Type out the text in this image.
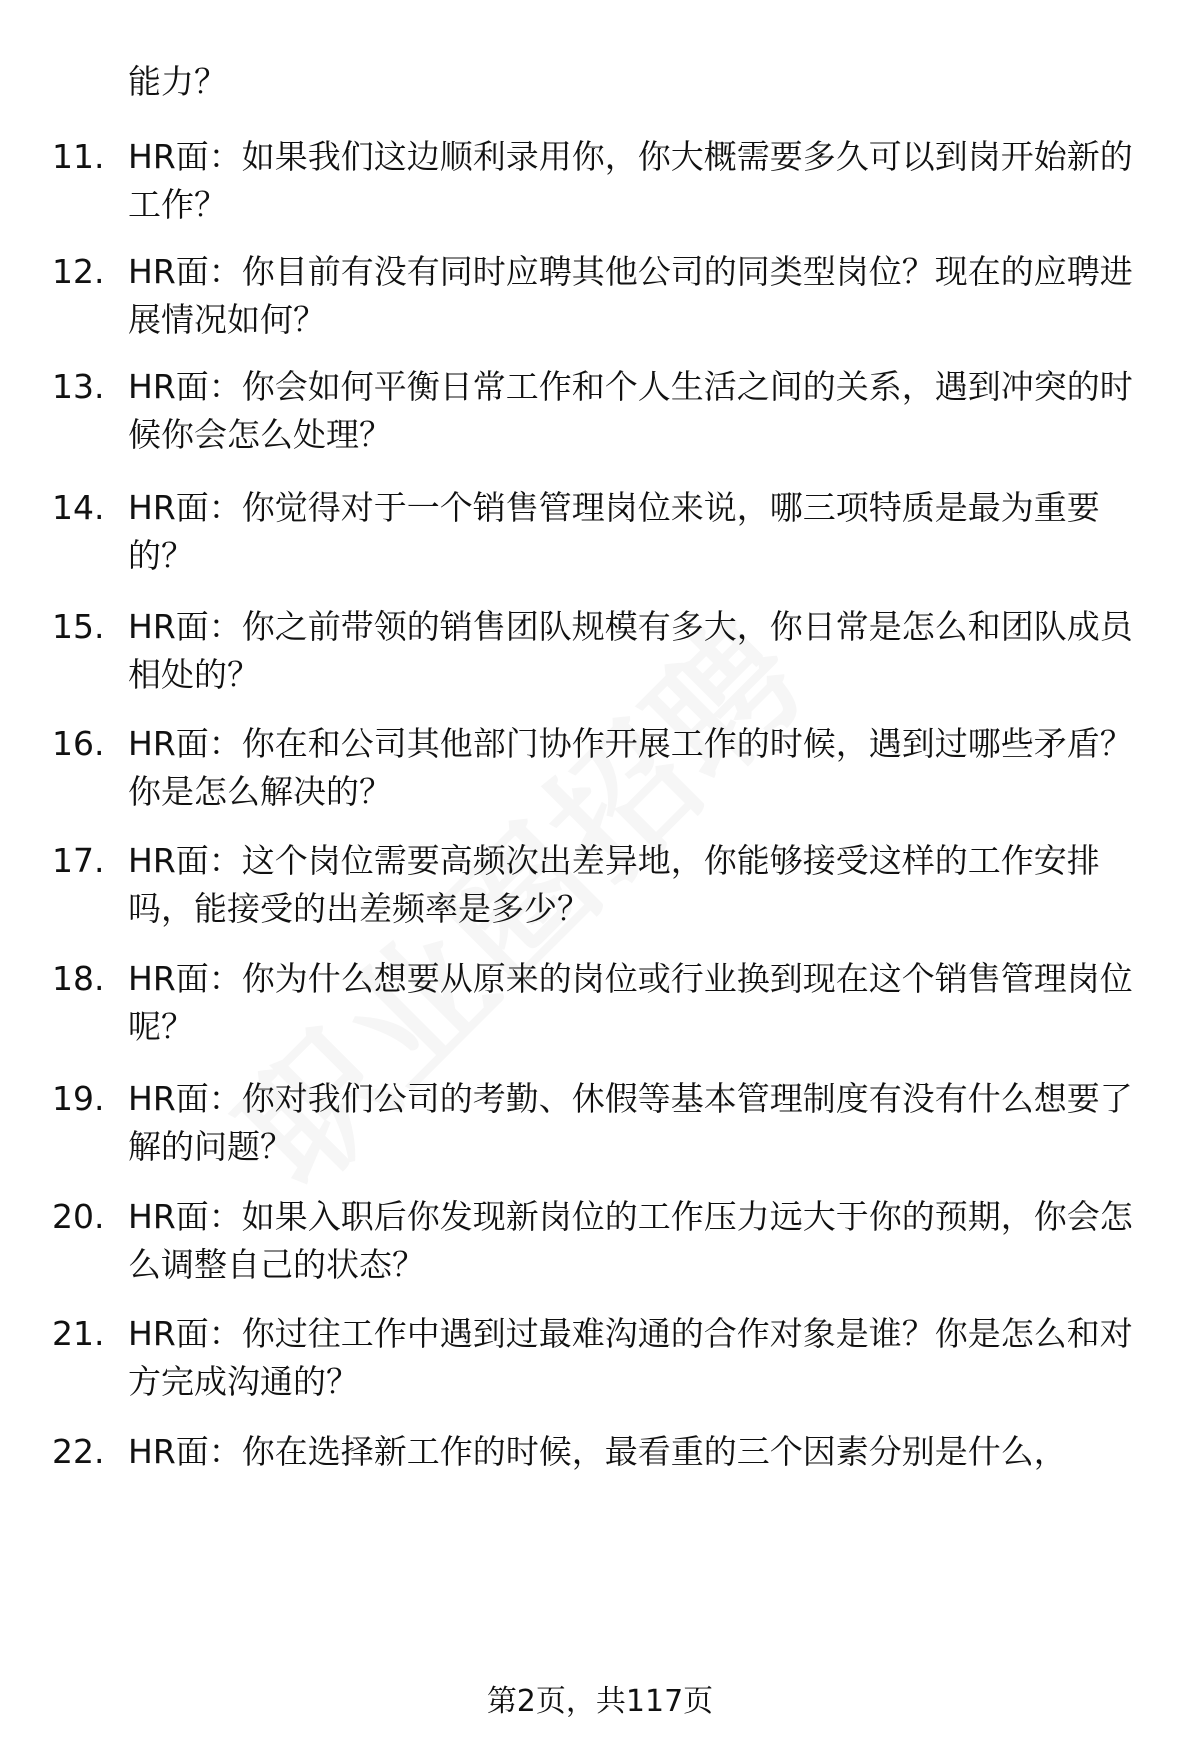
能力？
11. HR面：如果我们这边顺利录用你，你大概需要多久可以到岗开始新的工作？
12. HR面：你目前有没有同时应聘其他公司的同类型岗位？现在的应聘进展情况如何？
13. HR面：你会如何平衡日常工作和个人生活之间的关系，遇到冲突的时候你会怎么处理？
14. HR面：你觉得对于一个销售管理岗位来说，哪三项特质是最为重要的？
15. HR面：你之前带领的销售团队规模有多大，你日常是怎么和团队成员相处的？
16. HR面：你在和公司其他部门协作开展工作的时候，遇到过哪些矛盾？你是怎么解决的？
17. HR面：这个岗位需要高频次出差异地，你能够接受这样的工作安排吗，能接受的出差频率是多少？
18. HR面：你为什么想要从原来的岗位或行业换到现在这个销售管理岗位呢？
19. HR面：你对我们公司的考勤、休假等基本管理制度有没有什么想要了解的问题？
20. HR面：如果入职后你发现新岗位的工作压力远大于你的预期，你会怎么调整自己的状态？
21. HR面：你过往工作中遇到过最难沟通的合作对象是谁？你是怎么和对方完成沟通的？
22. HR面：你在选择新工作的时候，最看重的三个因素分别是什么，
第2页，共117页
